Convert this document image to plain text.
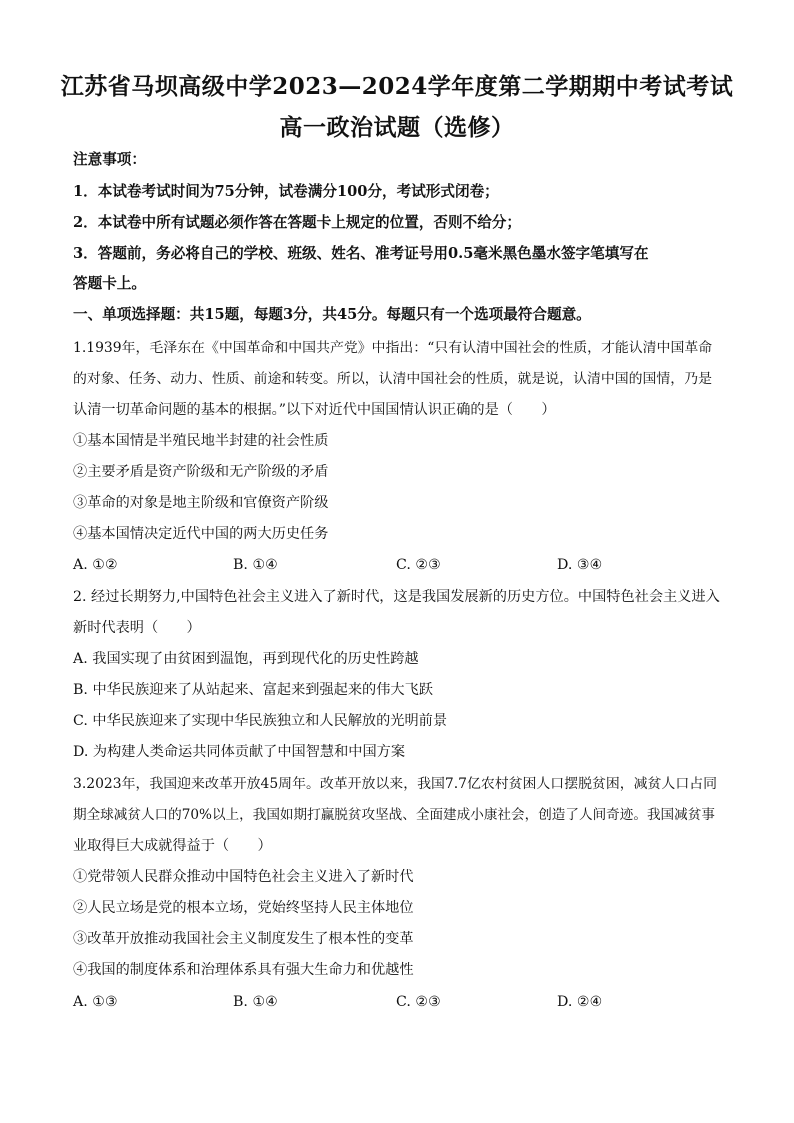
江苏省马坝高级中学2023—2024学年度第二学期期中考试考试
高一政治试题（选修）
注意事项：
1．本试卷考试时间为75分钟，试卷满分100分，考试形式闭卷；
2．本试卷中所有试题必须作答在答题卡上规定的位置，否则不给分；
3．答题前，务必将自己的学校、班级、姓名、准考证号用0.5毫米黑色墨水签字笔填写在
答题卡上。
一、单项选择题：共15题，每题3分，共45分。每题只有一个选项最符合题意。
1.1939年，毛泽东在《中国革命和中国共产党》中指出：“只有认清中国社会的性质，才能认清中国革命
的对象、任务、动力、性质、前途和转变。所以，认清中国社会的性质，就是说，认清中国的国情，乃是
认清一切革命问题的基本的根据。”以下对近代中国国情认识正确的是（　　）
①基本国情是半殖民地半封建的社会性质
②主要矛盾是资产阶级和无产阶级的矛盾
③革命的对象是地主阶级和官僚资产阶级
④基本国情决定近代中国的两大历史任务
A. ①②	B. ①④	C. ②③	D. ③④
2. 经过长期努力,中国特色社会主义进入了新时代，这是我国发展新的历史方位。中国特色社会主义进入
新时代表明（　　）
A. 我国实现了由贫困到温饱，再到现代化的历史性跨越
B. 中华民族迎来了从站起来、富起来到强起来的伟大飞跃
C. 中华民族迎来了实现中华民族独立和人民解放的光明前景
D. 为构建人类命运共同体贡献了中国智慧和中国方案
3.2023年，我国迎来改革开放45周年。改革开放以来，我国7.7亿农村贫困人口摆脱贫困，减贫人口占同
期全球减贫人口的70%以上，我国如期打赢脱贫攻坚战、全面建成小康社会，创造了人间奇迹。我国减贫事
业取得巨大成就得益于（　　）
①党带领人民群众推动中国特色社会主义进入了新时代
②人民立场是党的根本立场，党始终坚持人民主体地位
③改革开放推动我国社会主义制度发生了根本性的变革
④我国的制度体系和治理体系具有强大生命力和优越性
A. ①③	B. ①④	C. ②③	D. ②④
